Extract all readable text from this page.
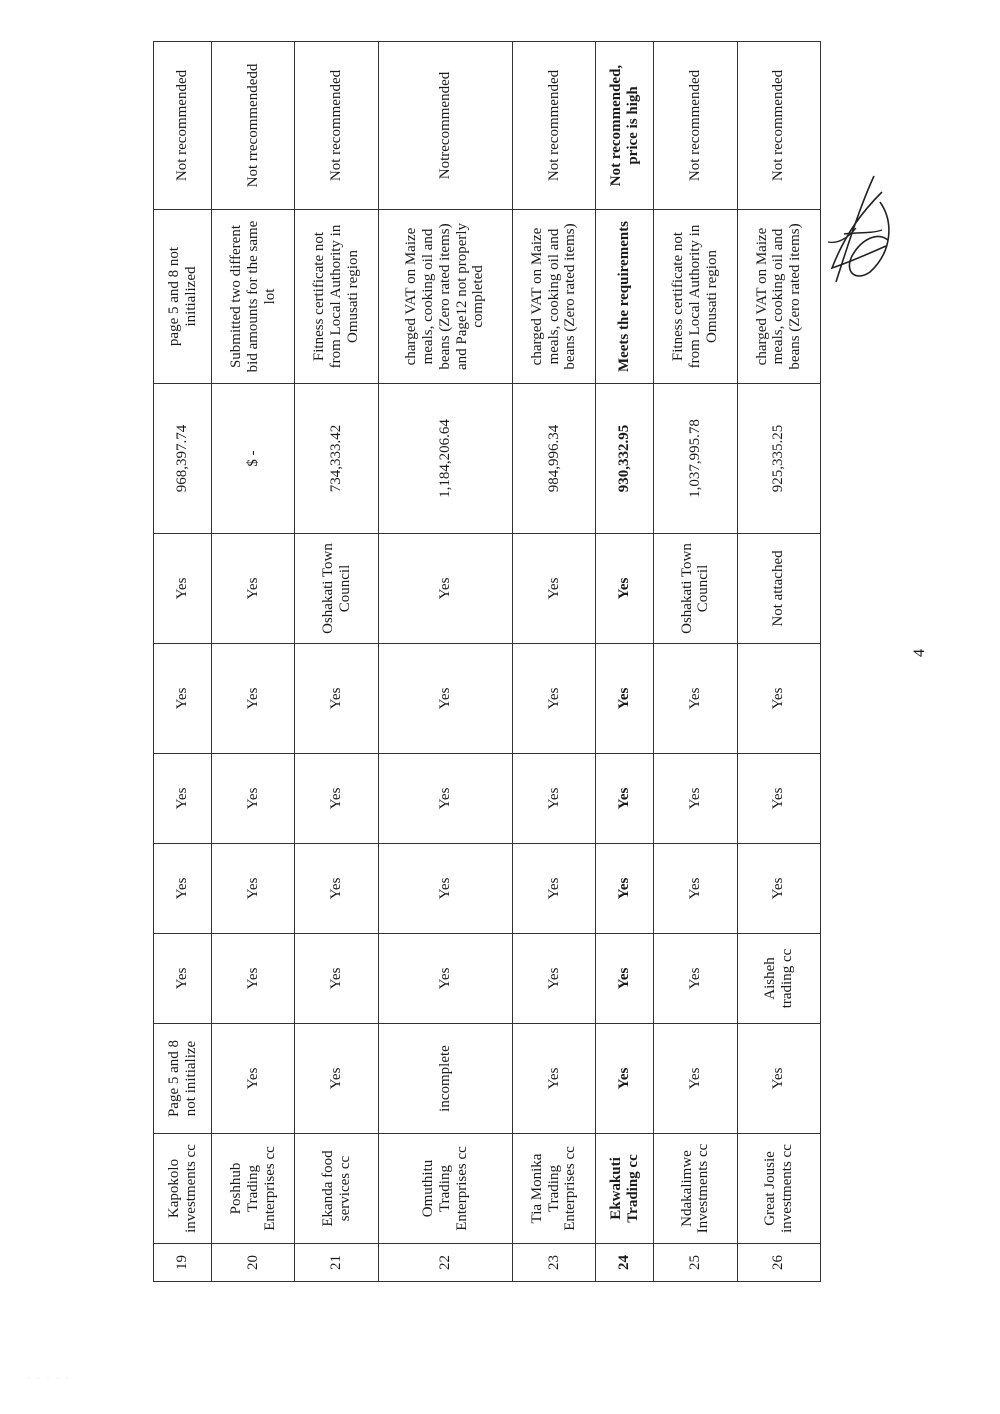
19	Kapokolo investments cc	Page 5 and 8 not initialize	Yes	Yes	Yes	Yes	Yes	968,397.74	page 5 and 8 not initialized	Not recommended
20	Poshhub Trading Enterprises cc	Yes	Yes	Yes	Yes	Yes	Yes	$ -	Submitted two different bid amounts for the same lot	Not rrecommendedd
21	Ekanda food services cc	Yes	Yes	Yes	Yes	Yes	Oshakati Town Council	734,333.42	Fitness certificate not from Local Authority in Omusati region	Not recommended
22	Omuthitu Trading Enterprises cc	incomplete	Yes	Yes	Yes	Yes	Yes	1,184,206.64	charged VAT on Maize meals, cooking oil and beans (Zero rated items) and Page12 not properly completed	Notrecommended
23	Tia Monika Trading Enterprises cc	Yes	Yes	Yes	Yes	Yes	Yes	984,996.34	charged VAT on Maize meals, cooking oil and beans (Zero rated items)	Not recommended
24	Ekwakuti Trading cc	Yes	Yes	Yes	Yes	Yes	Yes	930,332.95	Meets the requirements	Not recommended, price is high
25	Ndakalimwe Investments cc	Yes	Yes	Yes	Yes	Yes	Oshakati Town Council	1,037,995.78	Fitness certificate not from Local Authority in Omusati region	Not recommended
26	Great Jousie investments cc	Yes	Aisheh trading cc	Yes	Yes	Yes	Not attached	925,335.25	charged VAT on Maize meals, cooking oil and beans (Zero rated items)	Not recommended
4
· · · · ·
